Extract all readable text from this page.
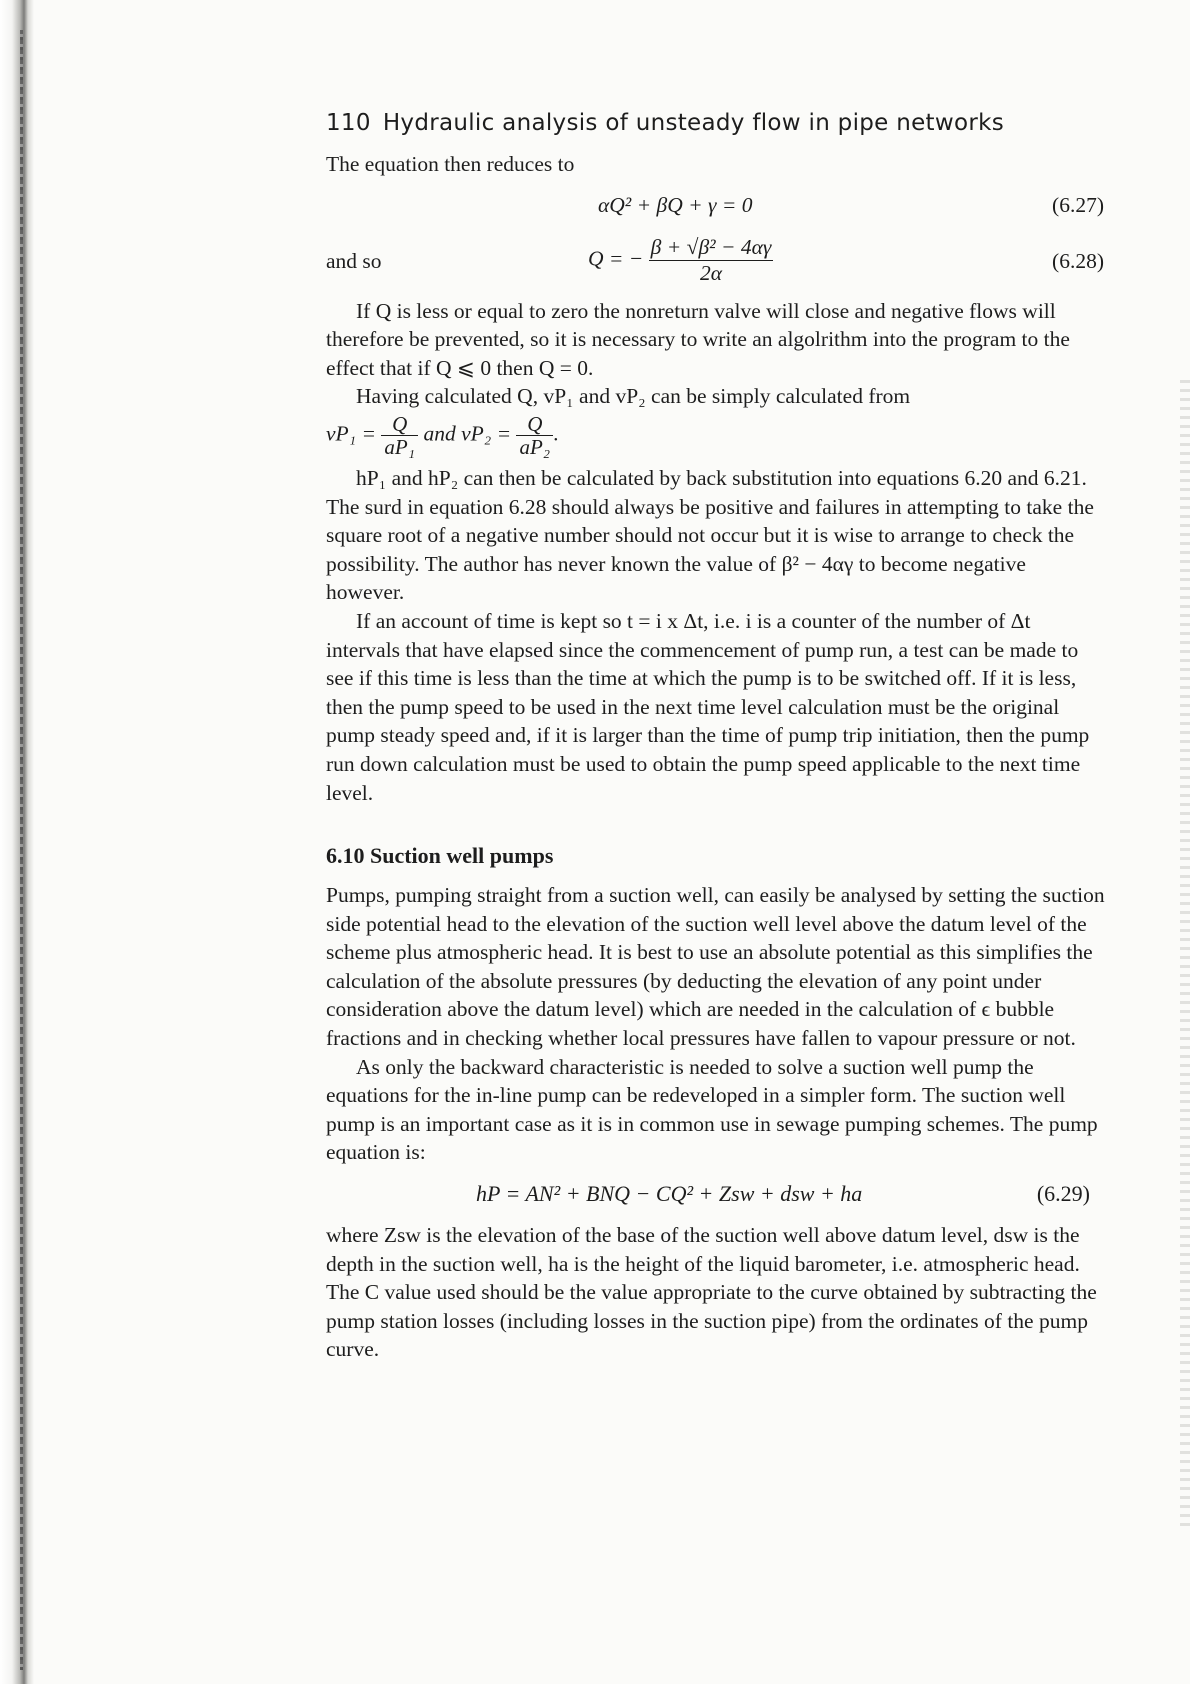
110 Hydraulic analysis of unsteady flow in pipe networks

The equation then reduces to

αQ² + βQ + γ = 0	(6.27)
and so	Q = − $\frac{\text{β + √β² − 4αγ}}{2\alpha}$	(6.28)

If Q is less or equal to zero the nonreturn valve will close and negative flows will therefore be prevented, so it is necessary to write an algolrithm into the program to the effect that if Q ⩽ 0 then Q = 0.

Having calculated Q, vP₁ and vP₂ can be simply calculated from

$vP_1 = \frac{Q}{\text{aP₁}}$ and $vP_2 = \frac{Q}{\text{aP₂}}$ .

hP₁ and hP₂ can then be calculated by back substitution into equations 6.20 and 6.21. The surd in equation 6.28 should always be positive and failures in attempting to take the square root of a negative number should not occur but it is wise to arrange to check the possibility. The author has never known the value of β² − 4αγ to become negative however.

If an account of time is kept so t = i x Δt, i.e. i is a counter of the number of Δt intervals that have elapsed since the commencement of pump run, a test can be made to see if this time is less than the time at which the pump is to be switched off. If it is less, then the pump speed to be used in the next time level calculation must be the original pump steady speed and, if it is larger than the time of pump trip initiation, then the pump run down calculation must be used to obtain the pump speed applicable to the next time level.

6.10 Suction well pumps

Pumps, pumping straight from a suction well, can easily be analysed by setting the suction side potential head to the elevation of the suction well level above the datum level of the scheme plus atmospheric head. It is best to use an absolute potential as this simplifies the calculation of the absolute pressures (by deducting the elevation of any point under consideration above the datum level) which are needed in the calculation of ϵ bubble fractions and in checking whether local pressures have fallen to vapour pressure or not.

As only the backward characteristic is needed to solve a suction well pump the equations for the in-line pump can be redeveloped in a simpler form. The suction well pump is an important case as it is in common use in sewage pumping schemes. The pump equation is:

hP = AN² + BNQ − CQ² + Zsw + dsw + ha	(6.29)

where Zsw is the elevation of the base of the suction well above datum level, dsw is the depth in the suction well, ha is the height of the liquid barometer, i.e. atmospheric head. The C value used should be the value appropriate to the curve obtained by subtracting the pump station losses (including losses in the suction pipe) from the ordinates of the pump curve.
